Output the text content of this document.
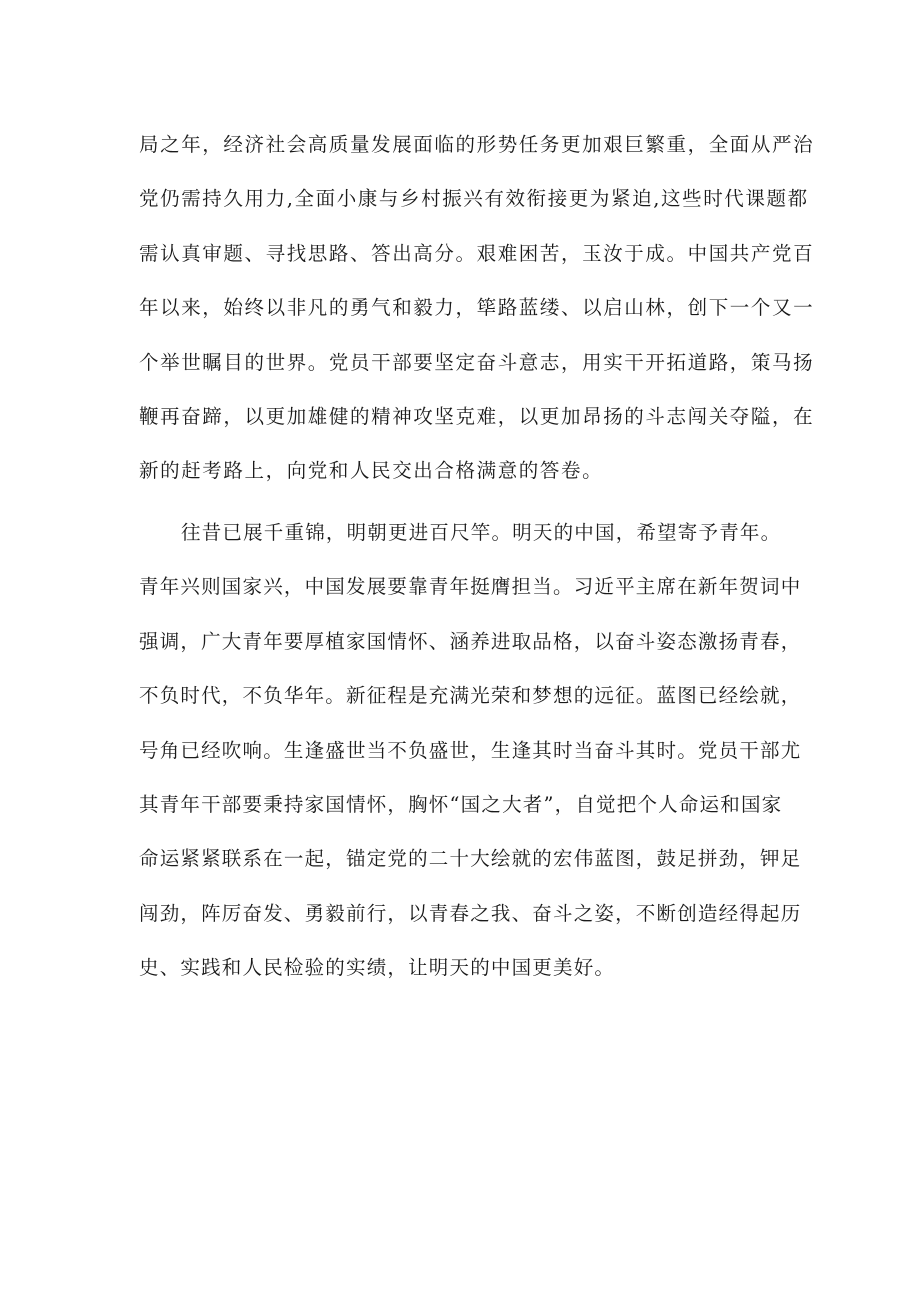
局之年，经济社会高质量发展面临的形势任务更加艰巨繁重，全面从严治
党仍需持久用力,全面小康与乡村振兴有效衔接更为紧迫,这些时代课题都
需认真审题、寻找思路、答出高分。艰难困苦，玉汝于成。中国共产党百
年以来，始终以非凡的勇气和毅力，筚路蓝缕、以启山林，创下一个又一
个举世瞩目的世界。党员干部要坚定奋斗意志，用实干开拓道路，策马扬
鞭再奋蹄，以更加雄健的精神攻坚克难，以更加昂扬的斗志闯关夺隘，在
新的赶考路上，向党和人民交出合格满意的答卷。
往昔已展千重锦，明朝更进百尺竿。明天的中国，希望寄予青年。
青年兴则国家兴，中国发展要靠青年挺膺担当。习近平主席在新年贺词中
强调，广大青年要厚植家国情怀、涵养进取品格，以奋斗姿态激扬青春，
不负时代，不负华年。新征程是充满光荣和梦想的远征。蓝图已经绘就，
号角已经吹响。生逢盛世当不负盛世，生逢其时当奋斗其时。党员干部尤
其青年干部要秉持家国情怀，胸怀“国之大者”，自觉把个人命运和国家
命运紧紧联系在一起，锚定党的二十大绘就的宏伟蓝图，鼓足拼劲，钾足
闯劲，阵厉奋发、勇毅前行，以青春之我、奋斗之姿，不断创造经得起历
史、实践和人民检验的实绩，让明天的中国更美好。
